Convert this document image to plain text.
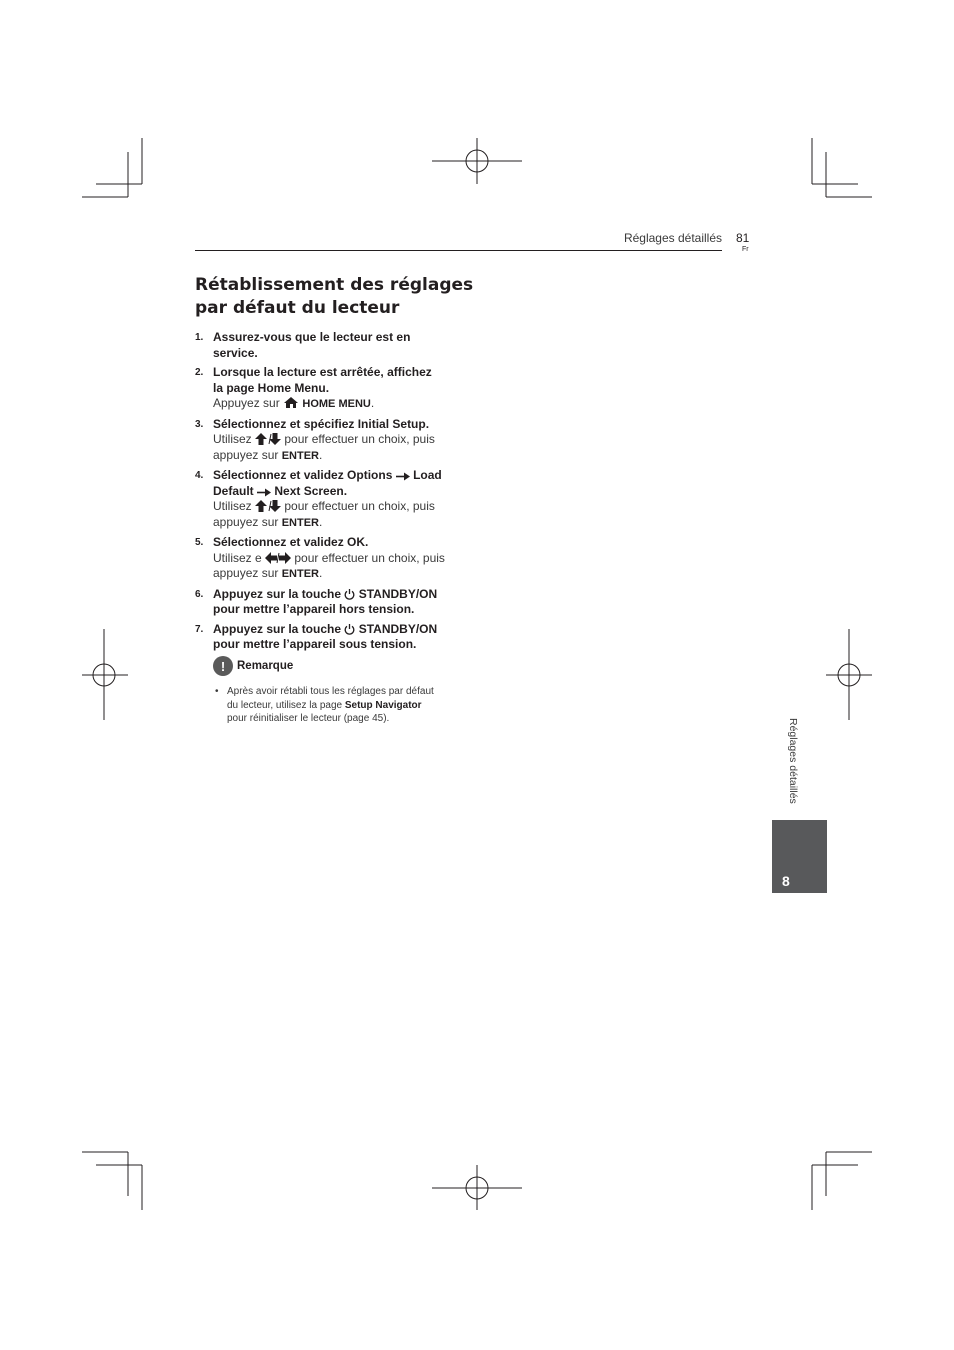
Réglages détaillés 81
Fr
Rétablissement des réglages
par défaut du lecteur
1. Assurez-vous que le lecteur est en
service.
2. Lorsque la lecture est arrêtée, affichez
la page Home Menu.
Appuyez sur HOME MENU.
3. Sélectionnez et spécifiez Initial Setup.
Utilisez	pour effectuer un choix, puis
appuyez sur ENTER.
4. Sélectionnez et validez Options Load
Default Next Screen.
Utilisez	pour effectuer un choix, puis
appuyez sur ENTER.
5. Sélectionnez et validez OK.
Utilisez e	pour effectuer un choix, puis
appuyez sur ENTER.
6. Appuyez sur la touche STANDBY/ON
pour mettre l’appareil hors tension.
7. Appuyez sur la touche STANDBY/ON
pour mettre l’appareil sous tension.
!	Remarque
• Après avoir rétabli tous les réglages par défaut
du lecteur, utilisez la page Setup Navigator
pour réinitialiser le lecteur (page 45).	Réglages détaillés
8
